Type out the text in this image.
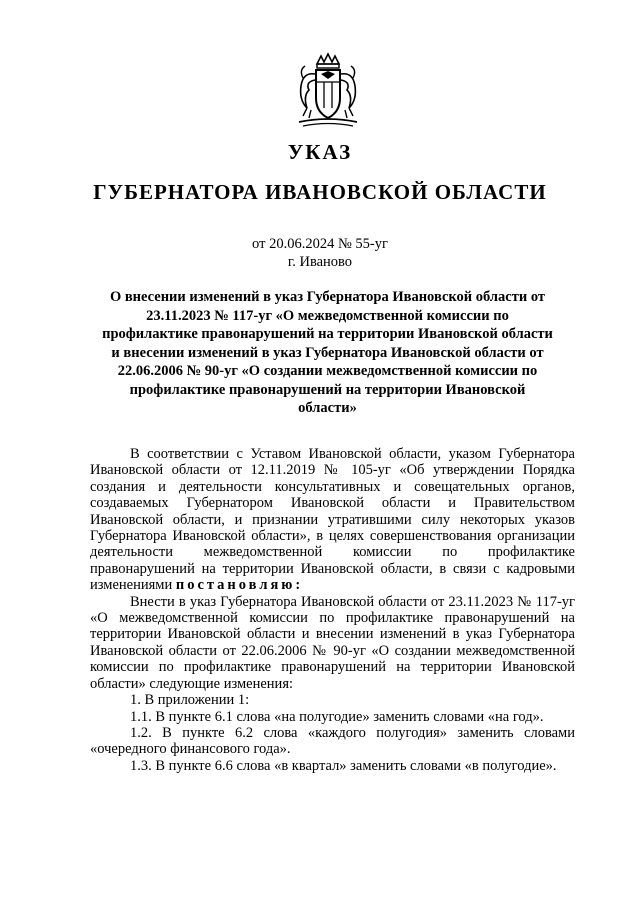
УКАЗ
ГУБЕРНАТОРА ИВАНОВСКОЙ ОБЛАСТИ
от 20.06.2024 № 55-уг
г. Иваново

О внесении изменений в указ Губернатора Ивановской области от 23.11.2023 № 117-уг «О межведомственной комиссии по профилактике правонарушений на территории Ивановской области и внесении изменений в указ Губернатора Ивановской области от 22.06.2006 № 90-уг «О создании межведомственной комиссии по профилактике правонарушений на территории Ивановской области»

В соответствии с Уставом Ивановской области, указом Губернатора Ивановской области от 12.11.2019 № 105-уг «Об утверждении Порядка создания и деятельности консультативных и совещательных органов, создаваемых Губернатором Ивановской области и Правительством Ивановской области, и признании утратившими силу некоторых указов Губернатора Ивановской области», в целях совершенствования организации деятельности межведомственной комиссии по профилактике правонарушений на территории Ивановской области, в связи с кадровыми изменениями постановляю:

Внести в указ Губернатора Ивановской области от 23.11.2023 № 117-уг «О межведомственной комиссии по профилактике правонарушений на территории Ивановской области и внесении изменений в указ Губернатора Ивановской области от 22.06.2006 № 90-уг «О создании межведомственной комиссии по профилактике правонарушений на территории Ивановской области» следующие изменения:

1. В приложении 1:

1.1. В пункте 6.1 слова «на полугодие» заменить словами «на год».

1.2. В пункте 6.2 слова «каждого полугодия» заменить словами «очередного финансового года».

1.3. В пункте 6.6 слова «в квартал» заменить словами «в полугодие».
